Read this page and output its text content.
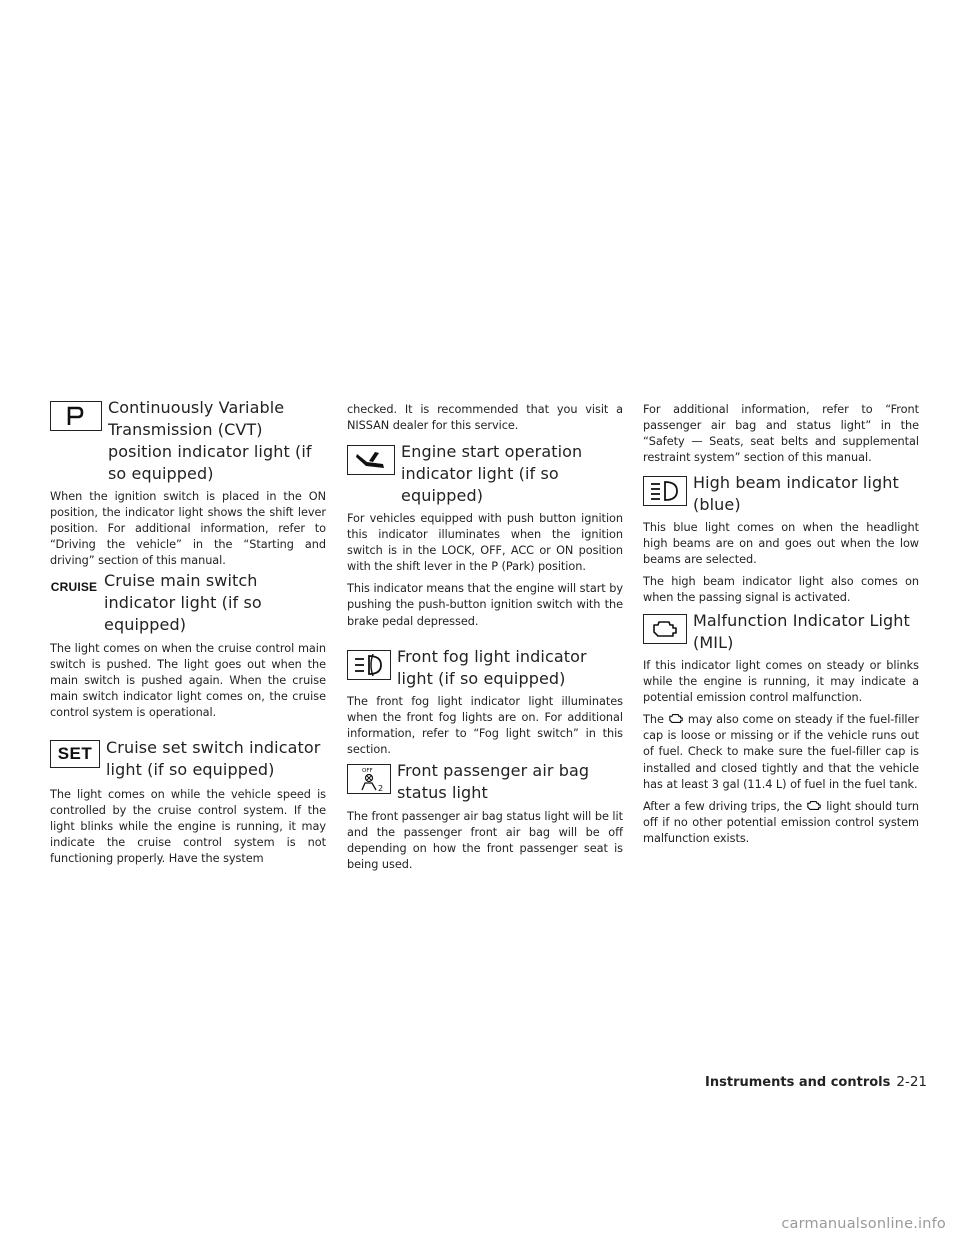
Continuously Variable
Transmission (CVT)
position indicator light (if
so equipped)

When the ignition switch is placed in the ON position, the indicator light shows the shift lever position. For additional information, refer to “Driving the vehicle” in the “Starting and driving” section of this manual.

CRUISE Cruise main switch
indicator light (if so
equipped)

The light comes on when the cruise control main switch is pushed. The light goes out when the main switch is pushed again. When the cruise main switch indicator light comes on, the cruise control system is operational.

SET Cruise set switch indicator
light (if so equipped)

The light comes on while the vehicle speed is controlled by the cruise control system. If the light blinks while the engine is running, it may indicate the cruise control system is not functioning properly. Have the system

checked. It is recommended that you visit a NISSAN dealer for this service.

Engine start operation
indicator light (if so
equipped)

For vehicles equipped with push button ignition this indicator illuminates when the ignition switch is in the LOCK, OFF, ACC or ON position with the shift lever in the P (Park) position.

This indicator means that the engine will start by pushing the push-button ignition switch with the brake pedal depressed.

Front fog light indicator
light (if so equipped)

The front fog light indicator light illuminates when the front fog lights are on. For additional information, refer to “Fog light switch” in this section.

OFF
2
Front passenger air bag
status light

The front passenger air bag status light will be lit and the passenger front air bag will be off depending on how the front passenger seat is being used.

For additional information, refer to “Front passenger air bag and status light” in the “Safety — Seats, seat belts and supplemental restraint system” section of this manual.

High beam indicator light
(blue)

This blue light comes on when the headlight high beams are on and goes out when the low beams are selected.

The high beam indicator light also comes on when the passing signal is activated.

Malfunction Indicator Light
(MIL)

If this indicator light comes on steady or blinks while the engine is running, it may indicate a potential emission control malfunction.

The may also come on steady if the fuel-filler cap is loose or missing or if the vehicle runs out of fuel. Check to make sure the fuel-filler cap is installed and closed tightly and that the vehicle has at least 3 gal (11.4 L) of fuel in the fuel tank.

After a few driving trips, the light should turn off if no other potential emission control system malfunction exists.

Instruments and controls 2-21
carmanualsonline.info
